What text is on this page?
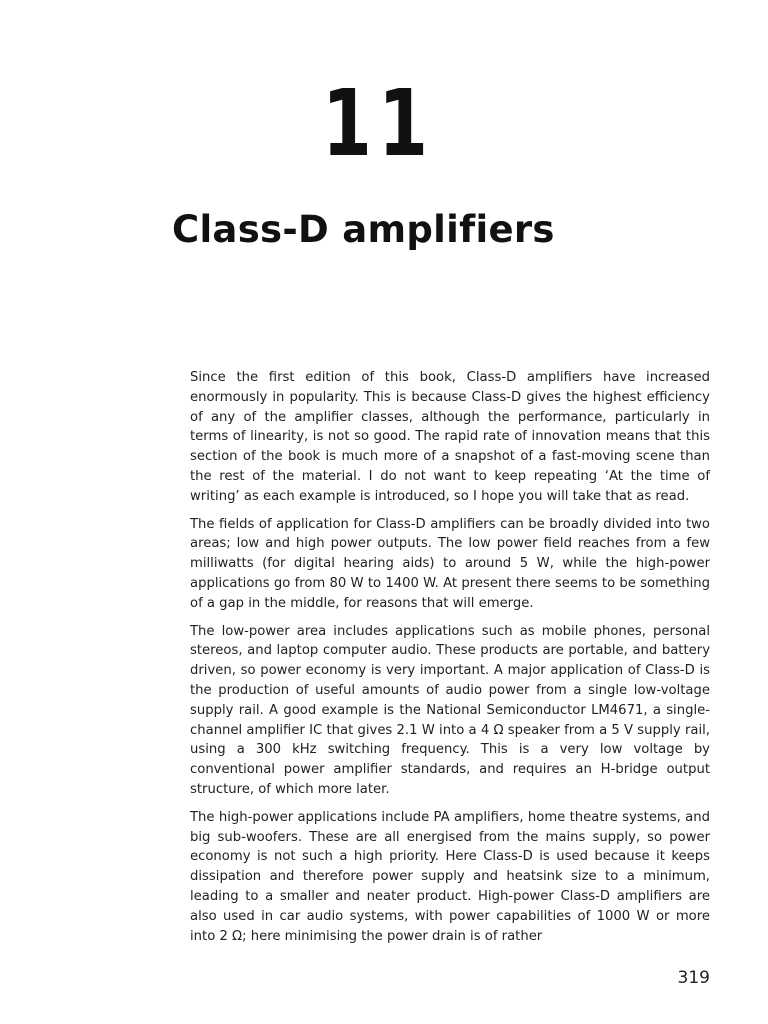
11
Class-D amplifiers

Since the first edition of this book, Class-D amplifiers have increased enormously in popularity. This is because Class-D gives the highest efficiency of any of the amplifier classes, although the performance, particularly in terms of linearity, is not so good. The rapid rate of innovation means that this section of the book is much more of a snapshot of a fast-moving scene than the rest of the material. I do not want to keep repeating ‘At the time of writing’ as each example is introduced, so I hope you will take that as read.

The fields of application for Class-D amplifiers can be broadly divided into two areas; low and high power outputs. The low power field reaches from a few milliwatts (for digital hearing aids) to around 5 W, while the high-power applications go from 80 W to 1400 W. At present there seems to be something of a gap in the middle, for reasons that will emerge.

The low-power area includes applications such as mobile phones, personal stereos, and laptop computer audio. These products are portable, and battery driven, so power economy is very important. A major application of Class-D is the production of useful amounts of audio power from a single low-voltage supply rail. A good example is the National Semiconductor LM4671, a single-channel amplifier IC that gives 2.1 W into a 4 Ω speaker from a 5 V supply rail, using a 300 kHz switching frequency. This is a very low voltage by conventional power amplifier standards, and requires an H-bridge output structure, of which more later.

The high-power applications include PA amplifiers, home theatre systems, and big sub-woofers. These are all energised from the mains supply, so power economy is not such a high priority. Here Class-D is used because it keeps dissipation and therefore power supply and heatsink size to a minimum, leading to a smaller and neater product. High-power Class-D amplifiers are also used in car audio systems, with power capabilities of 1000 W or more into 2 Ω; here minimising the power drain is of rather

319
